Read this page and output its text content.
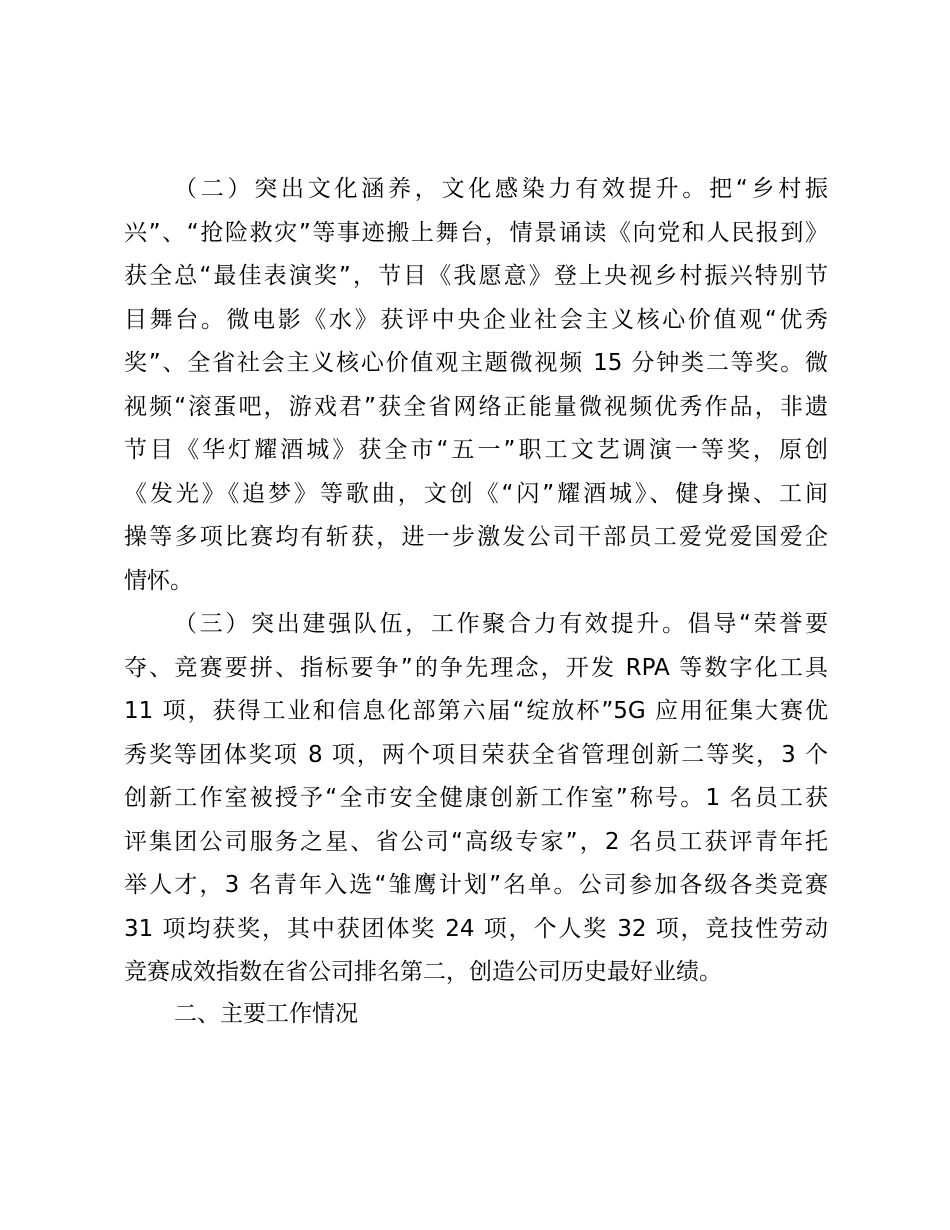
（二）突出文化涵养，文化感染力有效提升。把“乡村振
兴”、“抢险救灾”等事迹搬上舞台，情景诵读《向党和人民报到》
获全总“最佳表演奖”，节目《我愿意》登上央视乡村振兴特别节
目舞台。微电影《水》获评中央企业社会主义核心价值观“优秀
奖”、全省社会主义核心价值观主题微视频 15 分钟类二等奖。微
视频“滚蛋吧，游戏君”获全省网络正能量微视频优秀作品，非遗
节目《华灯耀酒城》获全市“五一”职工文艺调演一等奖，原创
《发光》《追梦》等歌曲，文创《“闪”耀酒城》、健身操、工间
操等多项比赛均有斩获，进一步激发公司干部员工爱党爱国爱企
情怀。
（三）突出建强队伍，工作聚合力有效提升。倡导“荣誉要
夺、竞赛要拼、指标要争”的争先理念，开发 RPA 等数字化工具
11 项，获得工业和信息化部第六届“绽放杯”5G 应用征集大赛优
秀奖等团体奖项 8 项，两个项目荣获全省管理创新二等奖，3 个
创新工作室被授予“全市安全健康创新工作室”称号。1 名员工获
评集团公司服务之星、省公司“高级专家”，2 名员工获评青年托
举人才，3 名青年入选“雏鹰计划”名单。公司参加各级各类竞赛
31 项均获奖，其中获团体奖 24 项，个人奖 32 项，竞技性劳动
竞赛成效指数在省公司排名第二，创造公司历史最好业绩。
二、主要工作情况
